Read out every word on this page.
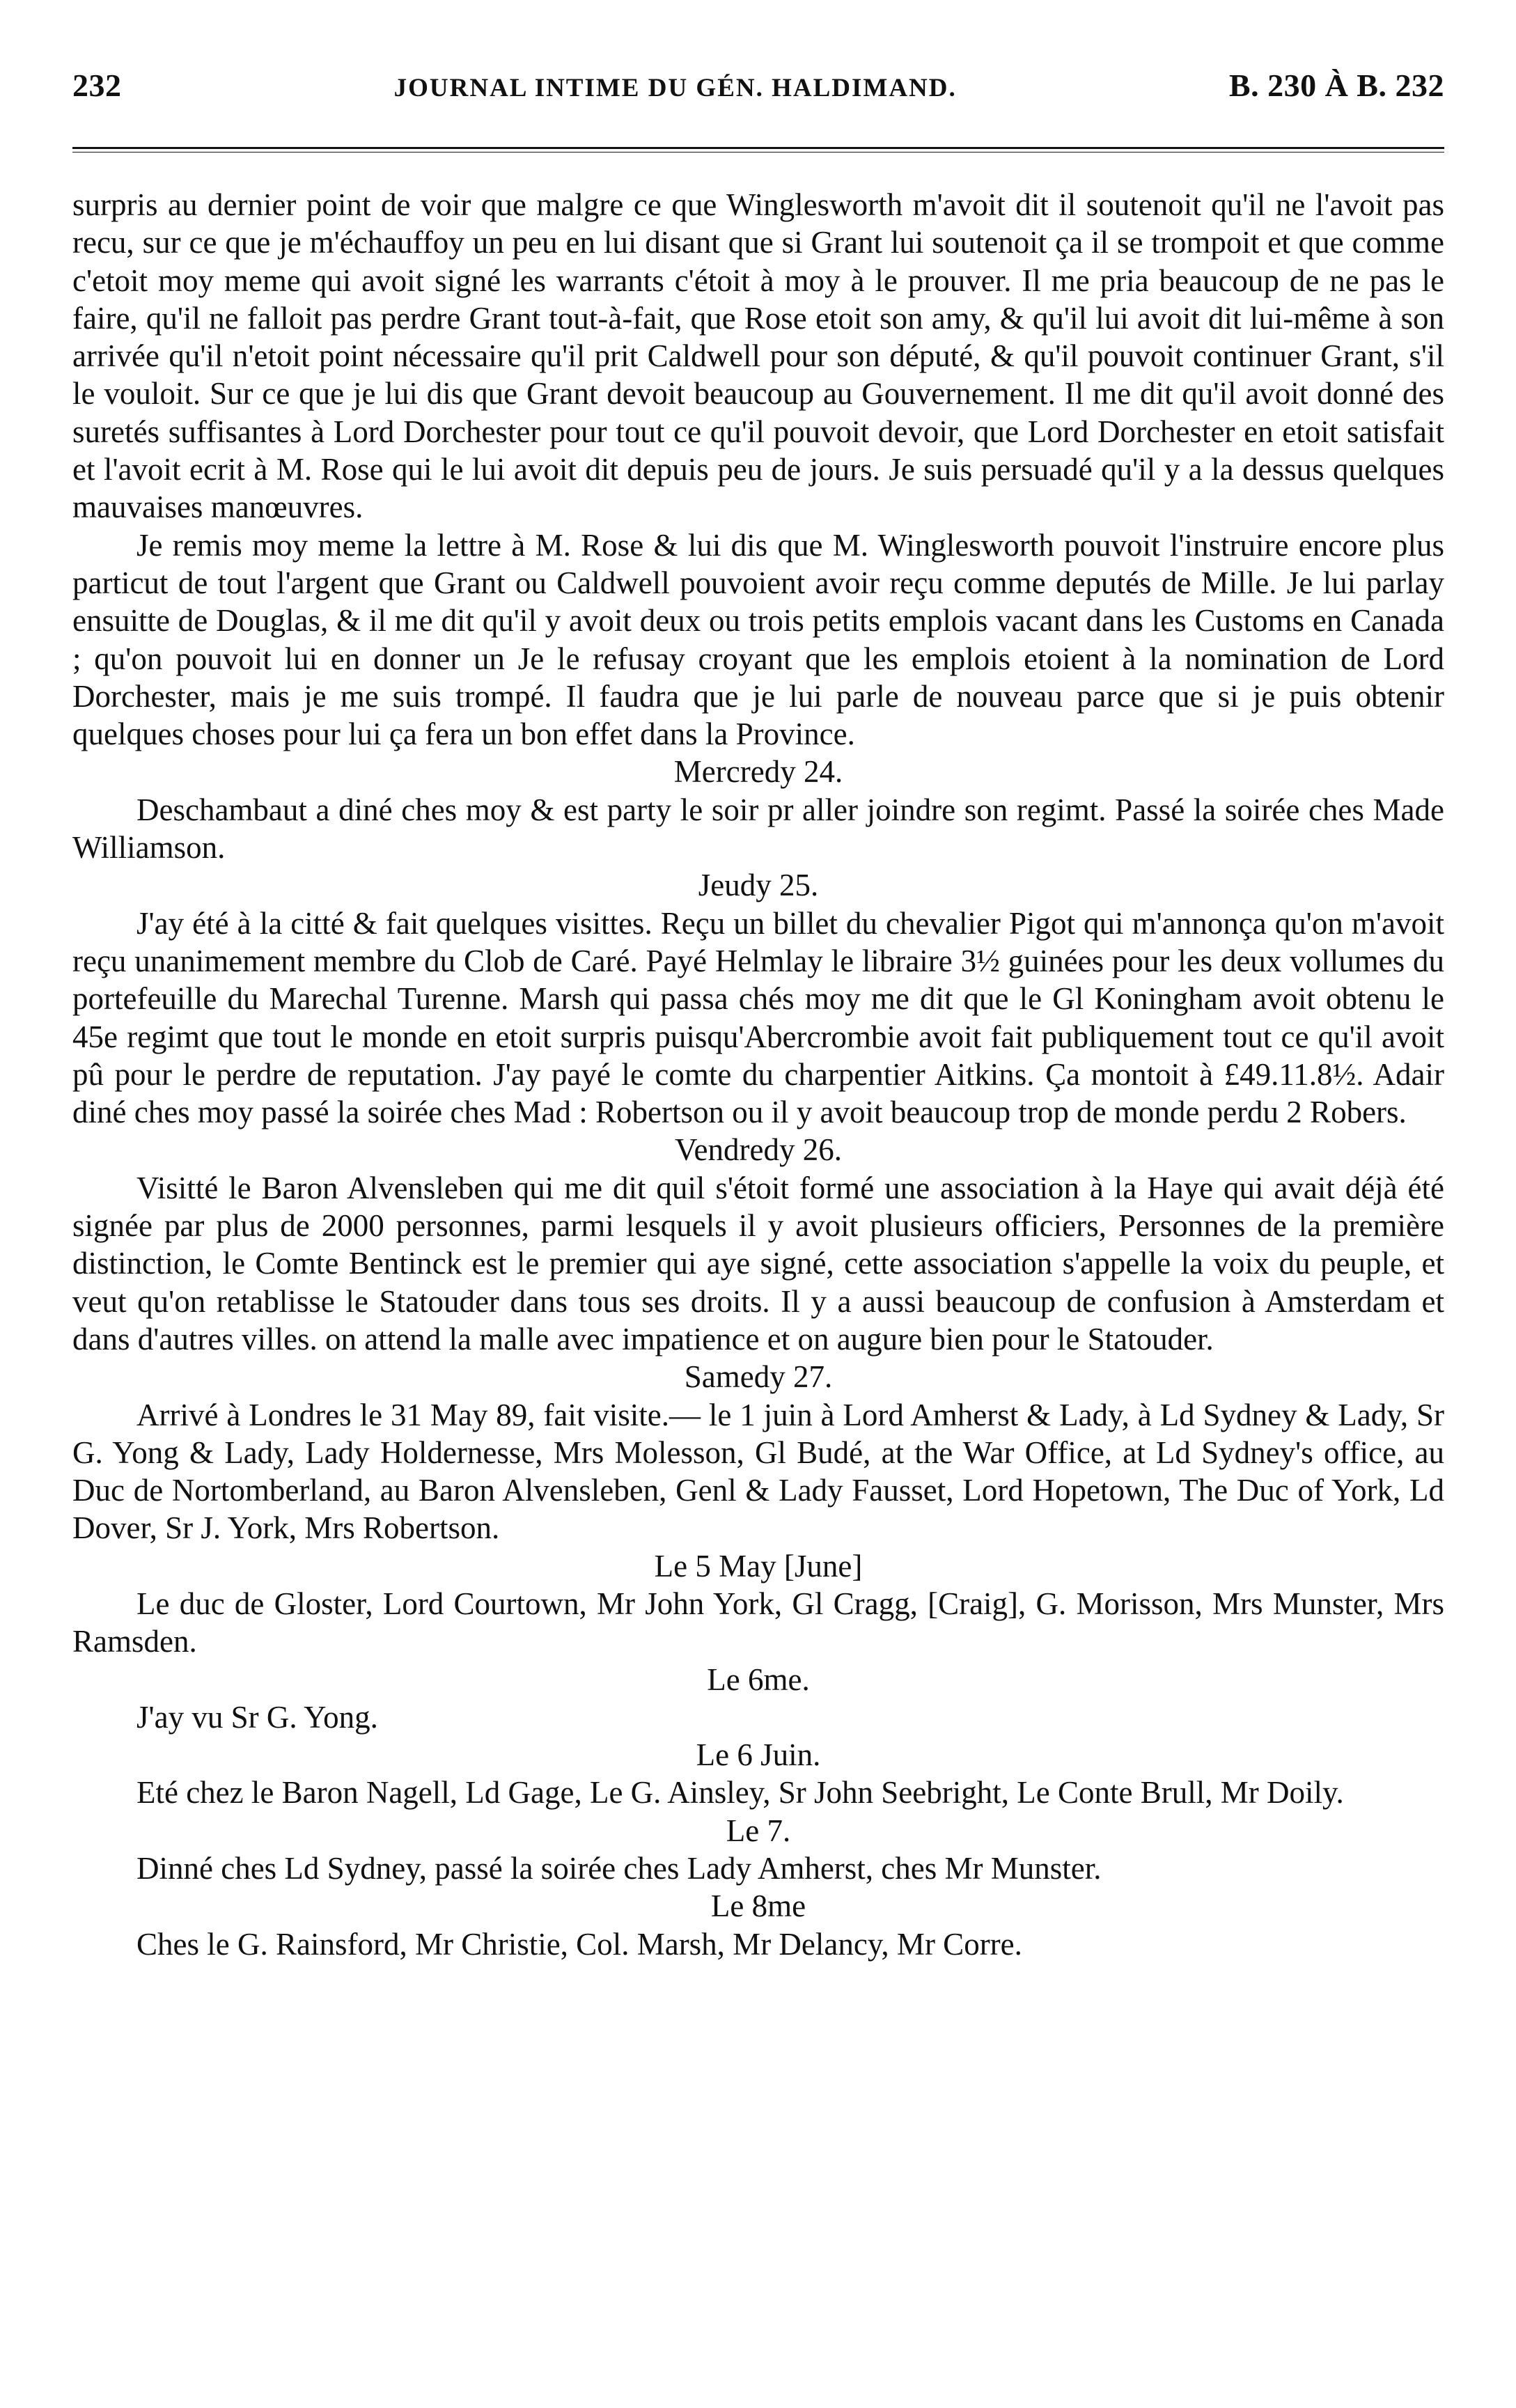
232	JOURNAL INTIME DU GÉN. HALDIMAND.	B. 230 À B. 232

surpris au dernier point de voir que malgre ce que Winglesworth m'avoit dit il soutenoit qu'il ne l'avoit pas recu, sur ce que je m'échauffoy un peu en lui disant que si Grant lui soutenoit ça il se trompoit et que comme c'etoit moy meme qui avoit signé les warrants c'étoit à moy à le prouver. Il me pria beaucoup de ne pas le faire, qu'il ne falloit pas perdre Grant tout-à-fait, que Rose etoit son amy, & qu'il lui avoit dit lui-même à son arrivée qu'il n'etoit point nécessaire qu'il prit Caldwell pour son député, & qu'il pouvoit continuer Grant, s'il le vouloit. Sur ce que je lui dis que Grant devoit beaucoup au Gouvernement. Il me dit qu'il avoit donné des suretés suffisantes à Lord Dorchester pour tout ce qu'il pouvoit devoir, que Lord Dorchester en etoit satisfait et l'avoit ecrit à M. Rose qui le lui avoit dit depuis peu de jours. Je suis persuadé qu'il y a la dessus quelques mauvaises manœuvres.

Je remis moy meme la lettre à M. Rose & lui dis que M. Winglesworth pouvoit l'instruire encore plus particut de tout l'argent que Grant ou Caldwell pouvoient avoir reçu comme deputés de Mille. Je lui parlay ensuitte de Douglas, & il me dit qu'il y avoit deux ou trois petits emplois vacant dans les Customs en Canada ; qu'on pouvoit lui en donner un Je le refusay croyant que les emplois etoient à la nomination de Lord Dorchester, mais je me suis trompé. Il faudra que je lui parle de nouveau parce que si je puis obtenir quelques choses pour lui ça fera un bon effet dans la Province.

Mercredy 24.

Deschambaut a diné ches moy & est party le soir pr aller joindre son regimt. Passé la soirée ches Made Williamson.

Jeudy 25.

J'ay été à la citté & fait quelques visittes. Reçu un billet du chevalier Pigot qui m'annonça qu'on m'avoit reçu unanimement membre du Clob de Caré. Payé Helmlay le libraire 3½ guinées pour les deux vollumes du portefeuille du Marechal Turenne. Marsh qui passa chés moy me dit que le Gl Koningham avoit obtenu le 45e regimt que tout le monde en etoit surpris puisqu'Abercrombie avoit fait publiquement tout ce qu'il avoit pû pour le perdre de reputation. J'ay payé le comte du charpentier Aitkins. Ça montoit à £49.11.8½. Adair diné ches moy passé la soirée ches Mad : Robertson ou il y avoit beaucoup trop de monde perdu 2 Robers.

Vendredy 26.

Visitté le Baron Alvensleben qui me dit quil s'étoit formé une association à la Haye qui avait déjà été signée par plus de 2000 personnes, parmi lesquels il y avoit plusieurs officiers, Personnes de la première distinction, le Comte Bentinck est le premier qui aye signé, cette association s'appelle la voix du peuple, et veut qu'on retablisse le Statouder dans tous ses droits. Il y a aussi beaucoup de confusion à Amsterdam et dans d'autres villes. on attend la malle avec impatience et on augure bien pour le Statouder.

Samedy 27.

Arrivé à Londres le 31 May 89, fait visite.— le 1 juin à Lord Amherst & Lady, à Ld Sydney & Lady, Sr G. Yong & Lady, Lady Holdernesse, Mrs Molesson, Gl Budé, at the War Office, at Ld Sydney's office, au Duc de Nortomberland, au Baron Alvensleben, Genl & Lady Fausset, Lord Hopetown, The Duc of York, Ld Dover, Sr J. York, Mrs Robertson.

Le 5 May [June]

Le duc de Gloster, Lord Courtown, Mr John York, Gl Cragg, [Craig], G. Morisson, Mrs Munster, Mrs Ramsden.

Le 6me.

J'ay vu Sr G. Yong.

Le 6 Juin.

Eté chez le Baron Nagell, Ld Gage, Le G. Ainsley, Sr John Seebright, Le Conte Brull, Mr Doily.

Le 7.

Dinné ches Ld Sydney, passé la soirée ches Lady Amherst, ches Mr Munster.

Le 8me

Ches le G. Rainsford, Mr Christie, Col. Marsh, Mr Delancy, Mr Corre.
